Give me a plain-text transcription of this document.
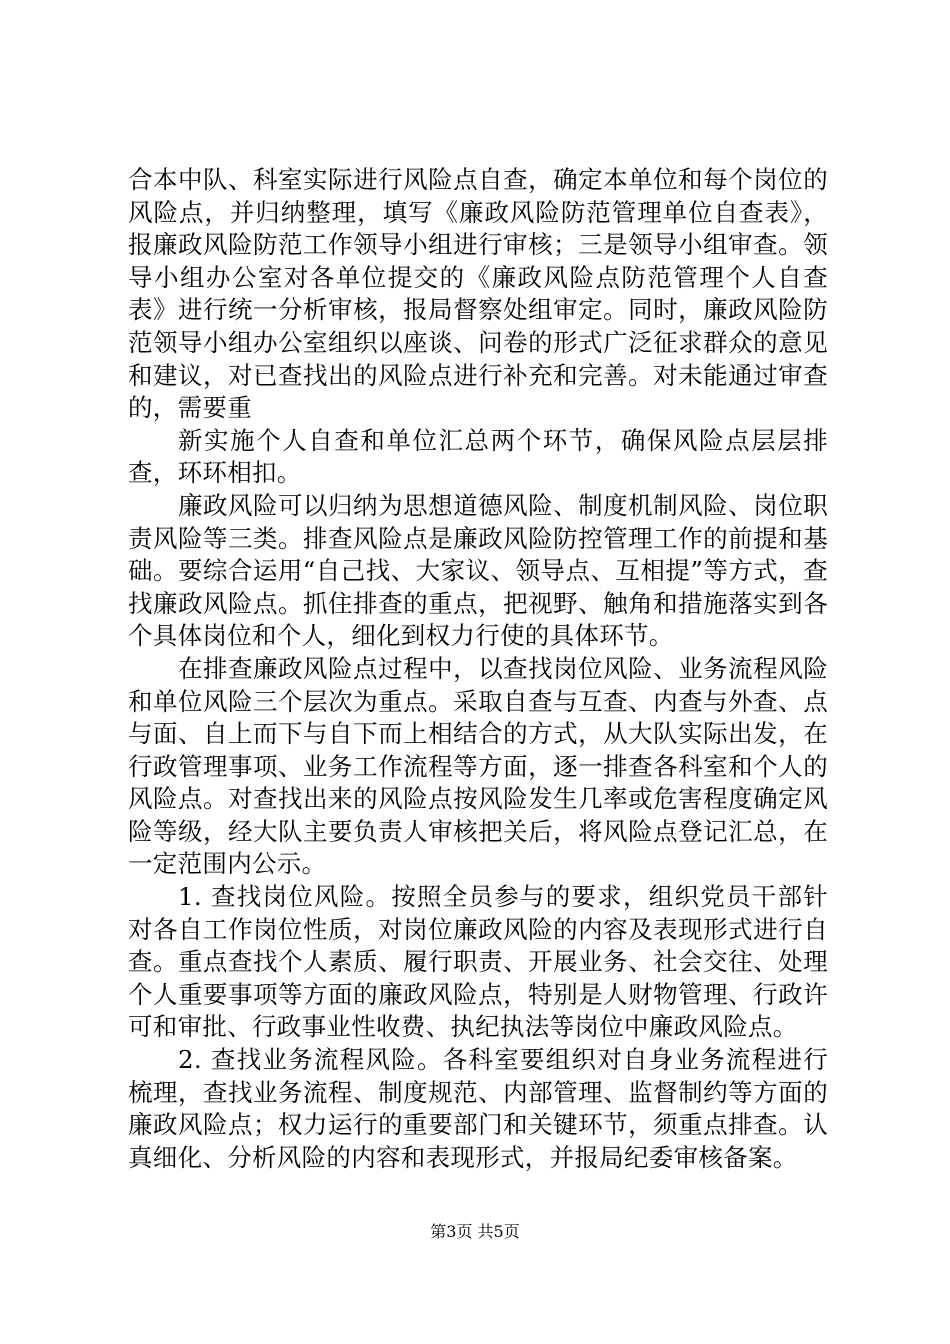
合本中队、科室实际进行风险点自查，确定本单位和每个岗位的风险点，并归纳整理，填写《廉政风险防范管理单位自查表》，报廉政风险防范工作领导小组进行审核；三是领导小组审查。领导小组办公室对各单位提交的《廉政风险点防范管理个人自查表》进行统一分析审核，报局督察处组审定。同时，廉政风险防范领导小组办公室组织以座谈、问卷的形式广泛征求群众的意见和建议，对已查找出的风险点进行补充和完善。对未能通过审查的，需要重

新实施个人自查和单位汇总两个环节，确保风险点层层排查，环环相扣。

廉政风险可以归纳为思想道德风险、制度机制风险、岗位职责风险等三类。排查风险点是廉政风险防控管理工作的前提和基础。要综合运用“自己找、大家议、领导点、互相提”等方式，查找廉政风险点。抓住排查的重点，把视野、触角和措施落实到各个具体岗位和个人，细化到权力行使的具体环节。

在排查廉政风险点过程中，以查找岗位风险、业务流程风险和单位风险三个层次为重点。采取自查与互查、内查与外查、点与面、自上而下与自下而上相结合的方式，从大队实际出发，在行政管理事项、业务工作流程等方面，逐一排查各科室和个人的风险点。对查找出来的风险点按风险发生几率或危害程度确定风险等级，经大队主要负责人审核把关后，将风险点登记汇总，在一定范围内公示。

1. 查找岗位风险。按照全员参与的要求，组织党员干部针对各自工作岗位性质，对岗位廉政风险的内容及表现形式进行自查。重点查找个人素质、履行职责、开展业务、社会交往、处理个人重要事项等方面的廉政风险点，特别是人财物管理、行政许可和审批、行政事业性收费、执纪执法等岗位中廉政风险点。

2. 查找业务流程风险。各科室要组织对自身业务流程进行梳理，查找业务流程、制度规范、内部管理、监督制约等方面的廉政风险点；权力运行的重要部门和关键环节，须重点排查。认真细化、分析风险的内容和表现形式，并报局纪委审核备案。

第3页 共5页
